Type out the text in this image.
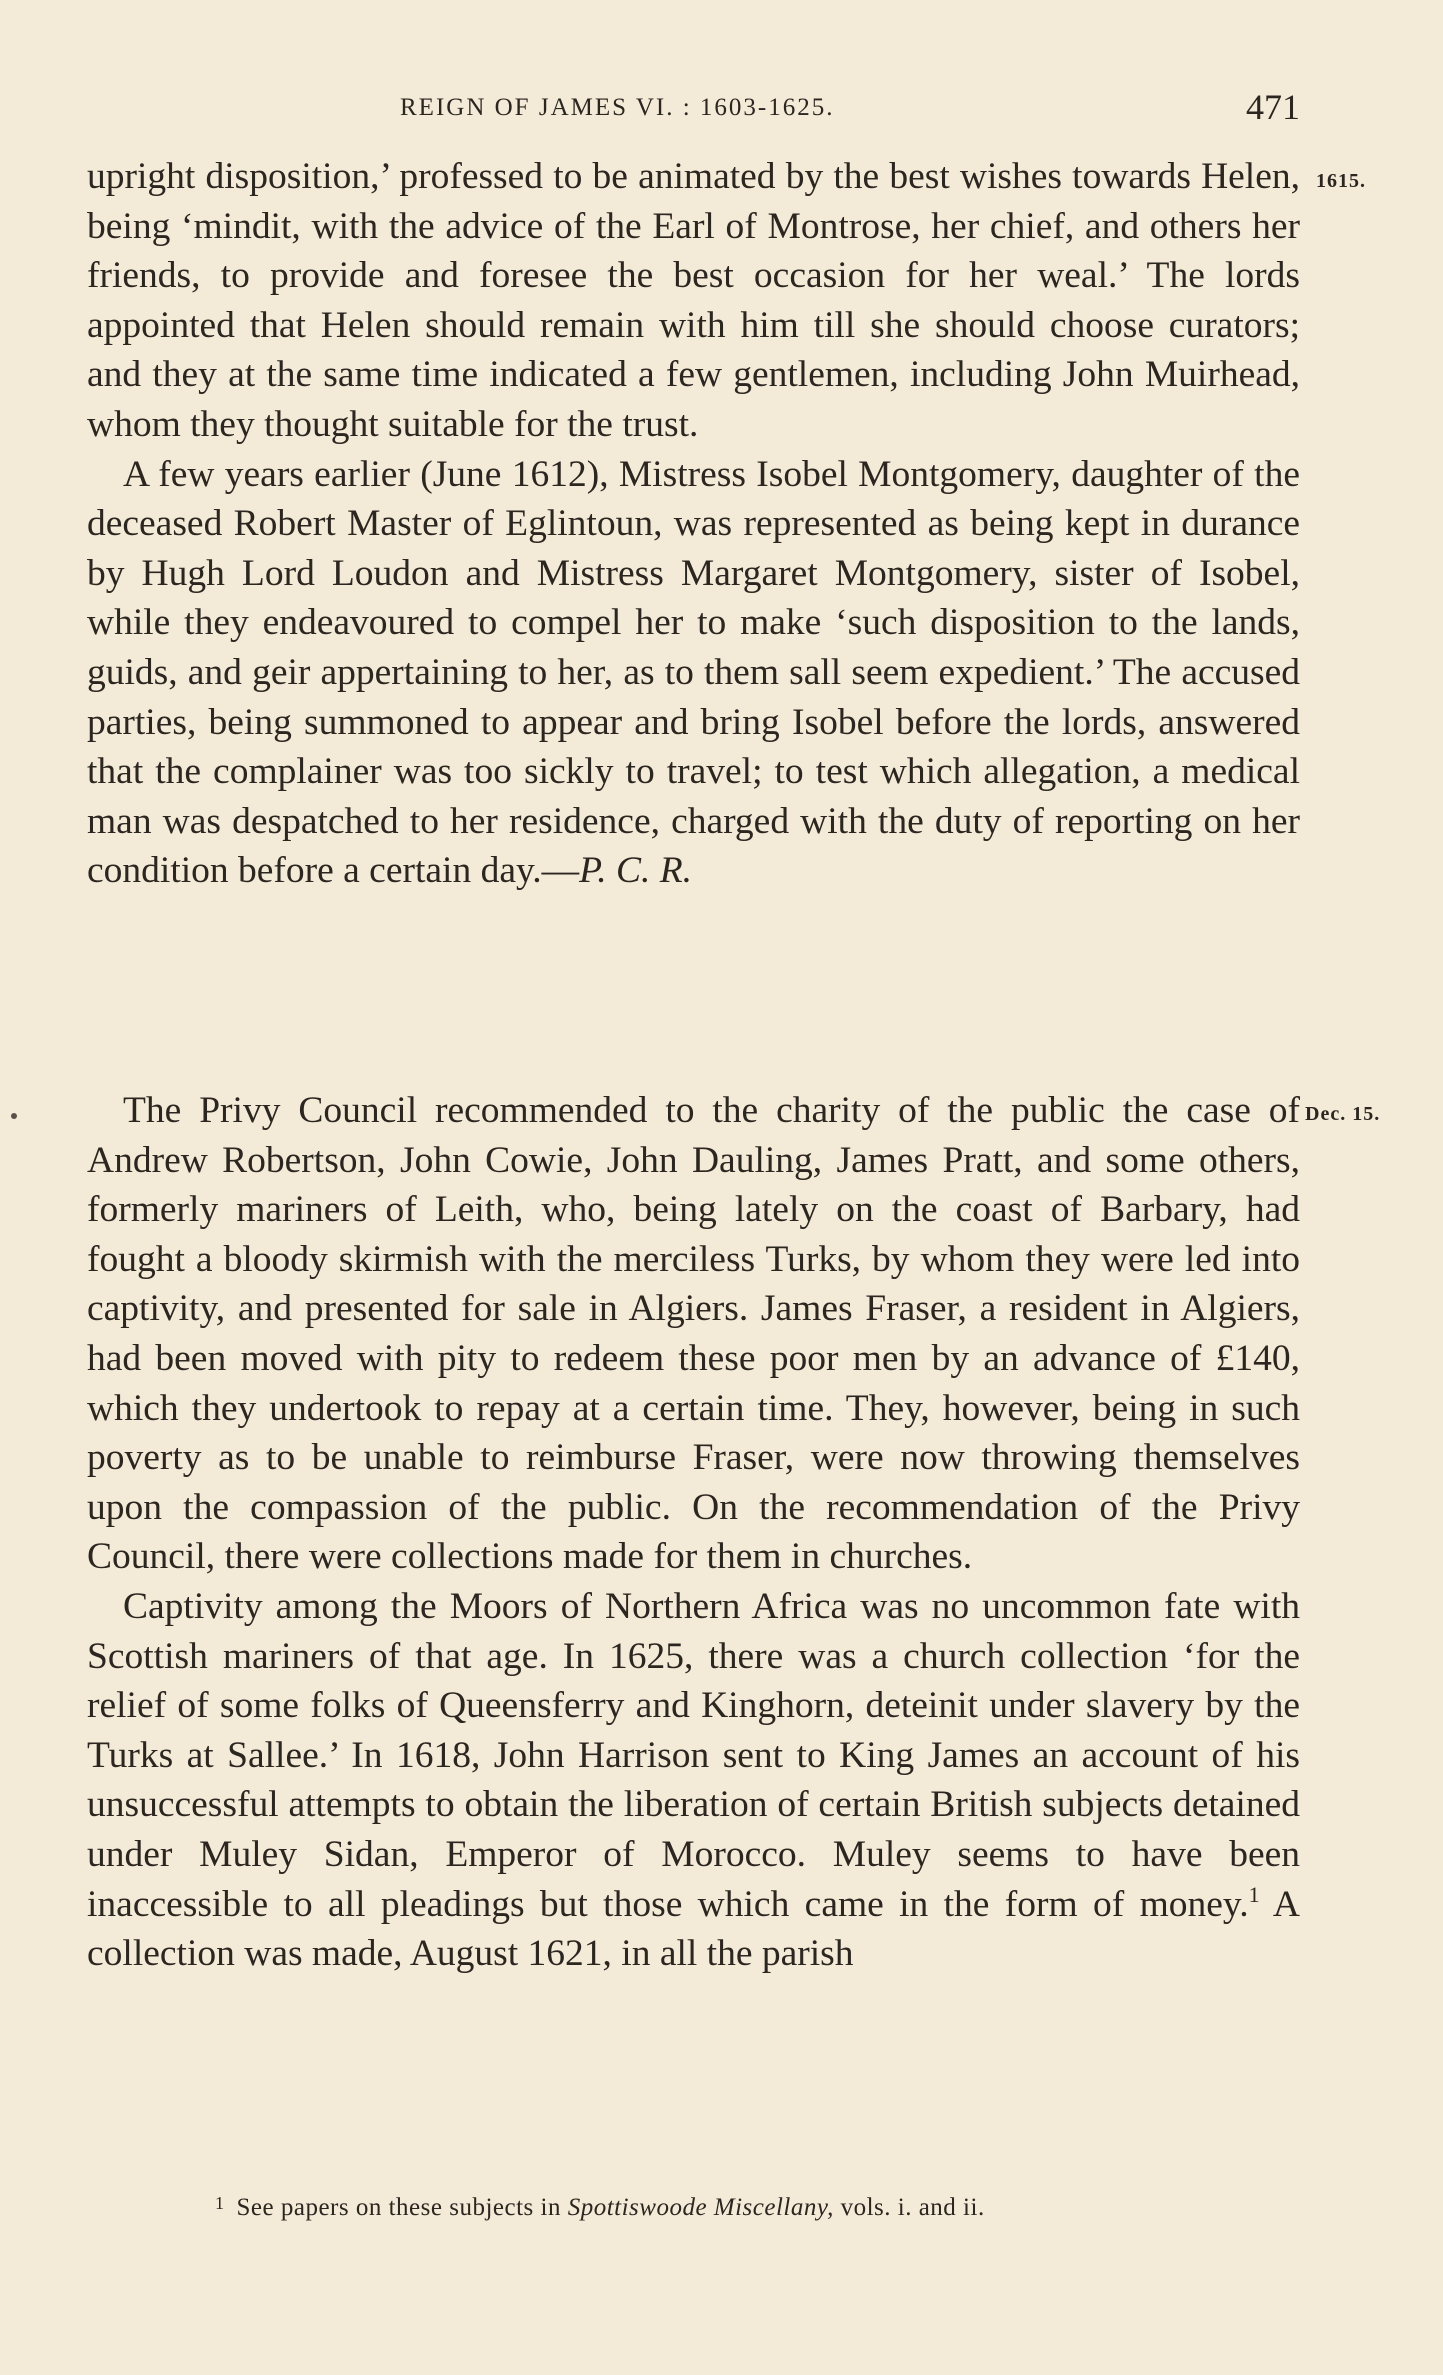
REIGN OF JAMES VI. : 1603-1625.	471
1615.
Dec. 15.

upright disposition,’ professed to be animated by the best wishes towards Helen, being ‘mindit, with the advice of the Earl of Montrose, her chief, and others her friends, to provide and foresee the best occasion for her weal.’ The lords appointed that Helen should remain with him till she should choose curators; and they at the same time indicated a few gentlemen, including John Muirhead, whom they thought suitable for the trust.

A few years earlier (June 1612), Mistress Isobel Montgomery, daughter of the deceased Robert Master of Eglintoun, was represented as being kept in durance by Hugh Lord Loudon and Mistress Margaret Montgomery, sister of Isobel, while they endeavoured to compel her to make ‘such disposition to the lands, guids, and geir appertaining to her, as to them sall seem expedient.’ The accused parties, being summoned to appear and bring Isobel before the lords, answered that the complainer was too sickly to travel; to test which allegation, a medical man was despatched to her residence, charged with the duty of reporting on her condition before a certain day.—P. C. R.

The Privy Council recommended to the charity of the public the case of Andrew Robertson, John Cowie, John Dauling, James Pratt, and some others, formerly mariners of Leith, who, being lately on the coast of Barbary, had fought a bloody skirmish with the merciless Turks, by whom they were led into captivity, and presented for sale in Algiers. James Fraser, a resident in Algiers, had been moved with pity to redeem these poor men by an advance of £140, which they undertook to repay at a certain time. They, however, being in such poverty as to be unable to reimburse Fraser, were now throwing themselves upon the compassion of the public. On the recommendation of the Privy Council, there were collections made for them in churches.

Captivity among the Moors of Northern Africa was no uncommon fate with Scottish mariners of that age. In 1625, there was a church collection ‘for the relief of some folks of Queensferry and Kinghorn, deteinit under slavery by the Turks at Sallee.’ In 1618, John Harrison sent to King James an account of his unsuccessful attempts to obtain the liberation of certain British subjects detained under Muley Sidan, Emperor of Morocco. Muley seems to have been inaccessible to all pleadings but those which came in the form of money.$^1$ A collection was made, August 1621, in all the parish

$^1$ See papers on these subjects in Spottiswoode Miscellany, vols. i. and ii.
